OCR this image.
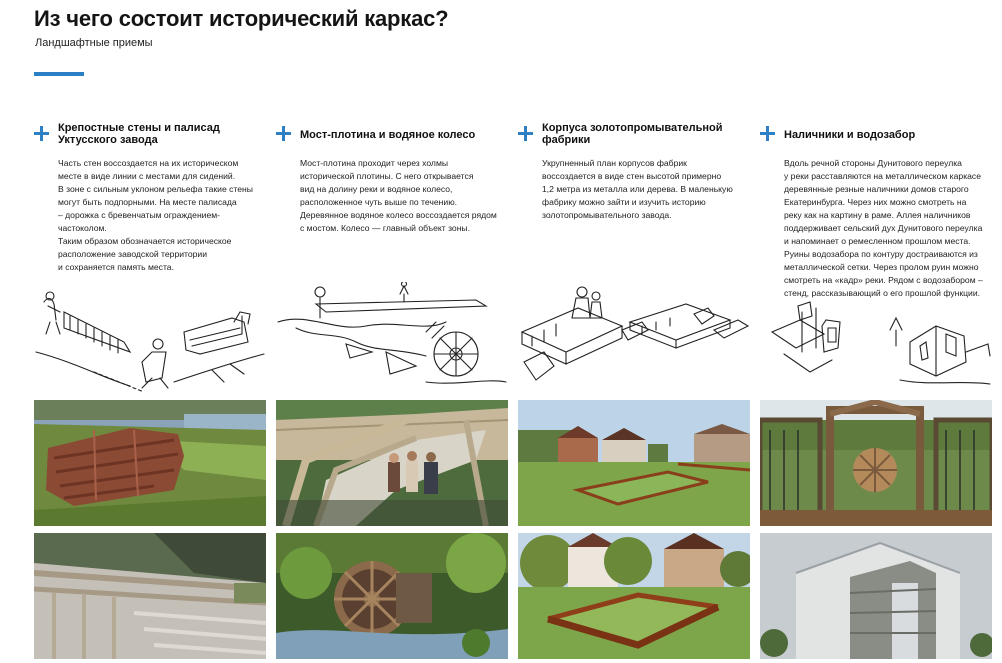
Из чего состоит исторический каркас?
Ландшафтные приемы
Крепостные стены и палисад
Уктусского завода

Часть стен воссоздается на их историческом

месте в виде линии с местами для сидений.

В зоне с сильным уклоном рельефа такие стены

могут быть подпорными. На месте палисада

– дорожка с бревенчатым ограждением-

частоколом.

Таким образом обозначается историческое

расположение заводской территории

и сохраняется память места.

Мост-плотина и водяное колесо

Мост-плотина проходит через холмы

исторической плотины. С него открывается

вид на долину реки и водяное колесо,

расположенное чуть выше по течению.

Деревянное водяное колесо воссоздается рядом

с мостом. Колесо — главный объект зоны.

Корпуса золотопромывательной
фабрики

Укрупненный план корпусов фабрик

воссоздается в виде стен высотой примерно

1,2 метра из металла или дерева. В маленькую

фабрику можно зайти и изучить историю

золотопромывательного завода.

Наличники и водозабор

Вдоль речной стороны Дунитового переулка

у реки расставляются на металлическом каркасе

деревянные резные наличники домов старого

Екатеринбурга. Через них можно смотреть на

реку как на картину в раме. Аллея наличников

поддерживает сельский дух Дунитового переулка

и напоминает о ремесленном прошлом места.

Руины водозабора по контуру достраиваются из

металлической сетки. Через пролом руин можно

смотреть на «кадр» реки. Рядом с водозабором –

стенд, рассказывающий о его прошлой функции.
